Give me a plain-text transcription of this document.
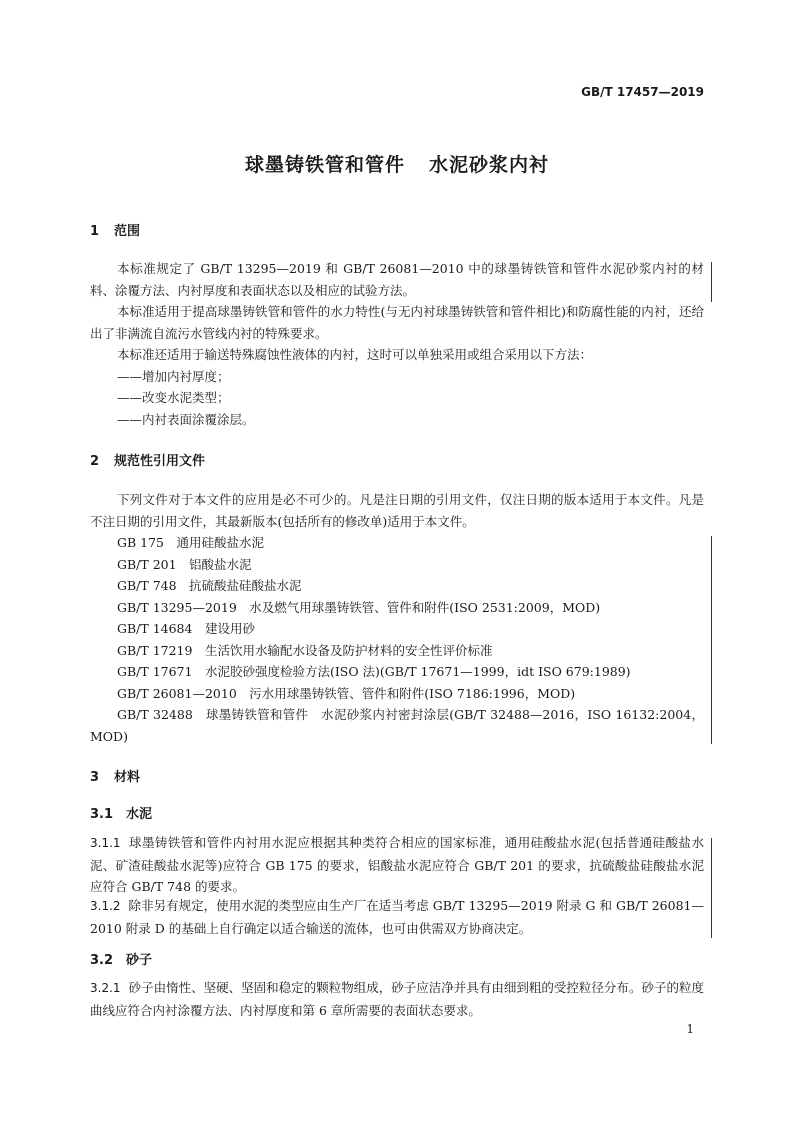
GB/T 17457—2019
球墨铸铁管和管件 水泥砂浆内衬
1 范围

本标准规定了 GB/T 13295—2019 和 GB/T 26081—2010 中的球墨铸铁管和管件水泥砂浆内衬的材料、涂覆方法、内衬厚度和表面状态以及相应的试验方法。

本标准适用于提高球墨铸铁管和管件的水力特性(与无内衬球墨铸铁管和管件相比)和防腐性能的内衬，还给出了非满流自流污水管线内衬的特殊要求。

本标准还适用于输送特殊腐蚀性液体的内衬，这时可以单独采用或组合采用以下方法：

——增加内衬厚度；

——改变水泥类型；

——内衬表面涂覆涂层。

2 规范性引用文件

下列文件对于本文件的应用是必不可少的。凡是注日期的引用文件，仅注日期的版本适用于本文件。凡是不注日期的引用文件，其最新版本(包括所有的修改单)适用于本文件。

GB 175　通用硅酸盐水泥
GB/T 201　铝酸盐水泥
GB/T 748　抗硫酸盐硅酸盐水泥
GB/T 13295—2019　水及燃气用球墨铸铁管、管件和附件(ISO 2531:2009，MOD)
GB/T 14684　建设用砂
GB/T 17219　生活饮用水输配水设备及防护材料的安全性评价标准
GB/T 17671　水泥胶砂强度检验方法(ISO 法)(GB/T 17671—1999，idt ISO 679:1989)
GB/T 26081—2010　污水用球墨铸铁管、管件和附件(ISO 7186:1996，MOD)
GB/T 32488　球墨铸铁管和管件　水泥砂浆内衬密封涂层(GB/T 32488—2016，ISO 16132:2004，MOD)
3 材料
3.1 水泥
3.1.1 球墨铸铁管和管件内衬用水泥应根据其种类符合相应的国家标准，通用硅酸盐水泥(包括普通硅酸盐水泥、矿渣硅酸盐水泥等)应符合 GB 175 的要求，铝酸盐水泥应符合 GB/T 201 的要求，抗硫酸盐硅酸盐水泥应符合 GB/T 748 的要求。
3.1.2 除非另有规定，使用水泥的类型应由生产厂在适当考虑 GB/T 13295—2019 附录 G 和 GB/T 26081—2010 附录 D 的基础上自行确定以适合输送的流体，也可由供需双方协商决定。
3.2 砂子
3.2.1 砂子由惰性、坚硬、坚固和稳定的颗粒物组成，砂子应洁净并具有由细到粗的受控粒径分布。砂子的粒度曲线应符合内衬涂覆方法、内衬厚度和第 6 章所需要的表面状态要求。
1
